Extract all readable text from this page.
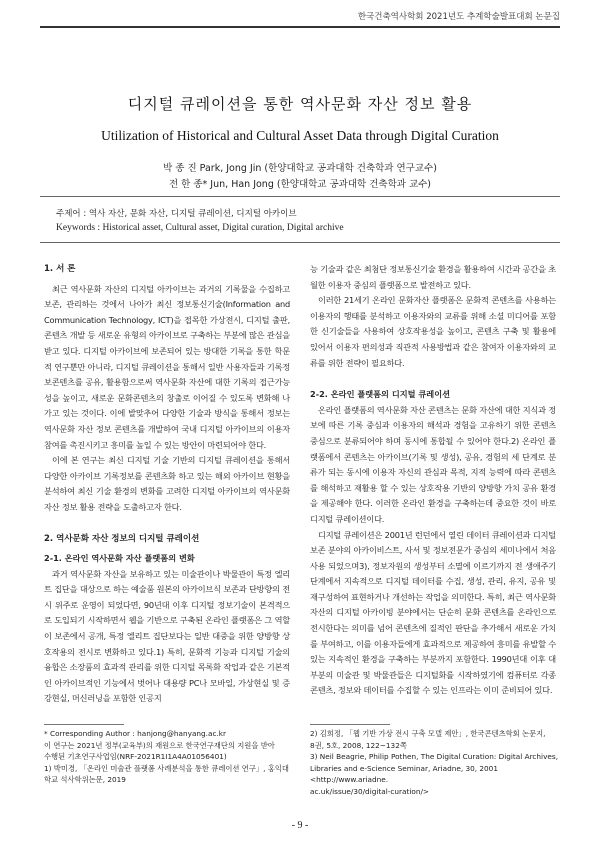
한국건축역사학회 2021년도 추계학술발표대회 논문집
디지털 큐레이션을 통한 역사문화 자산 정보 활용
Utilization of Historical and Cultural Asset Data through Digital Curation
박 종 진 Park, Jong Jin (한양대학교 공과대학 건축학과 연구교수)
전 한 종* Jun, Han Jong (한양대학교 공과대학 건축학과 교수)
주제어 : 역사 자산, 문화 자산, 디지털 큐레이션, 디지털 아카이브
Keywords : Historical asset, Cultural asset, Digital curation, Digital archive

1. 서 론

최근 역사문화 자산의 디지털 아카이브는 과거의 기록물을 수집하고 보존, 관리하는 것에서 나아가 최신 정보통신기술(Information and Communication Technology, ICT)을 접목한 가상전시, 디지털 출판, 콘텐츠 개발 등 새로운 유형의 아카이브로 구축하는 부분에 많은 관심을 받고 있다. 디지털 아카이브에 보존되어 있는 방대한 기록을 통한 학문적 연구뿐만 아니라, 디지털 큐레이션을 통해서 일반 사용자들과 기록정보콘텐츠를 공유, 활용함으로써 역사문화 자산에 대한 기록의 접근가능성을 높이고, 새로운 문화콘텐츠의 창출로 이어질 수 있도록 변화해 나가고 있는 것이다. 이에 발맞추어 다양한 기술과 방식을 통해서 정보는 역사문화 자산 정보 콘텐츠를 개발하여 국내 디지털 아카이브의 이용자 참여를 촉진시키고 흥미를 높일 수 있는 방안이 마련되어야 한다.

이에 본 연구는 최신 디지털 기술 기반의 디지털 큐레이션을 통해서 다양한 아카이브 기록정보를 콘텐츠화 하고 있는 해외 아카이브 현황을 분석하여 최신 기술 환경의 변화를 고려한 디지털 아카이브의 역사문화 자산 정보 활용 전략을 도출하고자 한다.

2. 역사문화 자산 정보의 디지털 큐레이션

2-1. 온라인 역사문화 자산 플랫폼의 변화

과거 역사문화 자산을 보유하고 있는 미술관이나 박물관이 특정 엘리트 집단을 대상으로 하는 예술품 원본의 아카이브식 보존과 단방향의 전시 위주로 운영이 되었다면, 90년대 이후 디지털 정보기술이 본격적으로 도입되기 시작하면서 웹을 기반으로 구축된 온라인 플랫폼은 그 역할이 보존에서 공개, 특정 엘리트 집단보다는 일반 대중을 위한 양방향 상호작용의 전시로 변화하고 있다.1) 특히, 문화적 기능과 디지털 기술의 융합은 소장품의 효과적 관리를 위한 디지털 목록화 작업과 같은 기본적인 아카이브적인 기능에서 벗어나 대용량 PC나 모바일, 가상현실 및 증강현실, 머신러닝을 포함한 인공지

능 기술과 같은 최첨단 정보통신기술 환경을 활용하여 시간과 공간을 초월한 이용자 중심의 플랫폼으로 발전하고 있다.

이러한 21세기 온라인 문화자산 플랫폼은 문화적 콘텐츠를 사용하는 이용자의 행태를 분석하고 이용자와의 교류를 위해 소셜 미디어를 포함한 신기술들을 사용하여 상호작용성을 높이고, 콘텐츠 구축 및 활용에 있어서 이용자 편의성과 직관적 사용방법과 같은 참여자 이용자와의 교류를 위한 전략이 필요하다.

2-2. 온라인 플랫폼의 디지털 큐레이션

온라인 플랫폼의 역사문화 자산 콘텐츠는 문화 자산에 대한 지식과 정보에 따른 기록 중심과 이용자의 해석과 경험을 고유하기 위한 콘텐츠 중심으로 분류되어야 하며 동시에 통합될 수 있어야 한다.2) 온라인 플랫폼에서 콘텐츠는 아카이브(기록 및 생성), 공유, 경험의 세 단계로 분류가 되는 동시에 이용자 자신의 관심과 목적, 지적 능력에 따라 콘텐츠를 해석하고 재활용 할 수 있는 상호작용 기반의 양방향 가치 공유 환경을 제공해야 한다. 이러한 온라인 환경을 구축하는데 중요한 것이 바로 디지털 큐레이션이다.

디지털 큐레이션은 2001년 런던에서 열린 데이터 큐레이션과 디지털 보존 분야의 아카이비스트, 사서 및 정보전문가 중심의 세미나에서 처음 사용 되었으며3), 정보자원의 생성부터 소멸에 이르기까지 전 생애주기 단계에서 지속적으로 디지털 데이터를 수집, 생성, 관리, 유지, 공유 및 재구성하여 표현하거나 개선하는 작업을 의미한다. 특히, 최근 역사문화 자산의 디지털 아카이빙 분야에서는 단순히 문화 콘텐츠를 온라인으로 전시한다는 의미를 넘어 콘텐츠에 질적인 판단을 추가해서 새로운 가치를 부여하고, 이를 이용자들에게 효과적으로 제공하여 흥미를 유발할 수 있는 지속적인 환경을 구축하는 부분까지 포함한다. 1990년대 이후 대부분의 미술관 및 박물관들은 디지털화를 시작하였기에 컴퓨터로 각종 콘텐츠, 정보와 데이터를 수집할 수 있는 인프라는 이미 준비되어 있다.

* Corresponding Author : hanjong@hanyang.ac.kr
이 연구는 2021년 정부(교육부)의 재원으로 한국연구재단의 지원을 받아
수행된 기초연구사업임(NRF-2021R1I1A4A01056401)
1) 박미경, 「온라인 미술관 플랫폼 사례분석을 통한 큐레이션 연구」, 홍익대
학교 석사학위논문, 2019
2) 김희정, 「웹 기반 가상 전시 구축 모델 제안」, 한국콘텐츠학회 논문지,
8권, 5호, 2008, 122~132쪽
3) Neil Beagrie, Philip Pothen, The Digital Curation: Digital Archives,
Libraries and e-Science Seminar, Ariadne, 30, 2001 <http://www.ariadne.
ac.uk/issue/30/digital-curation/>
- 9 -
